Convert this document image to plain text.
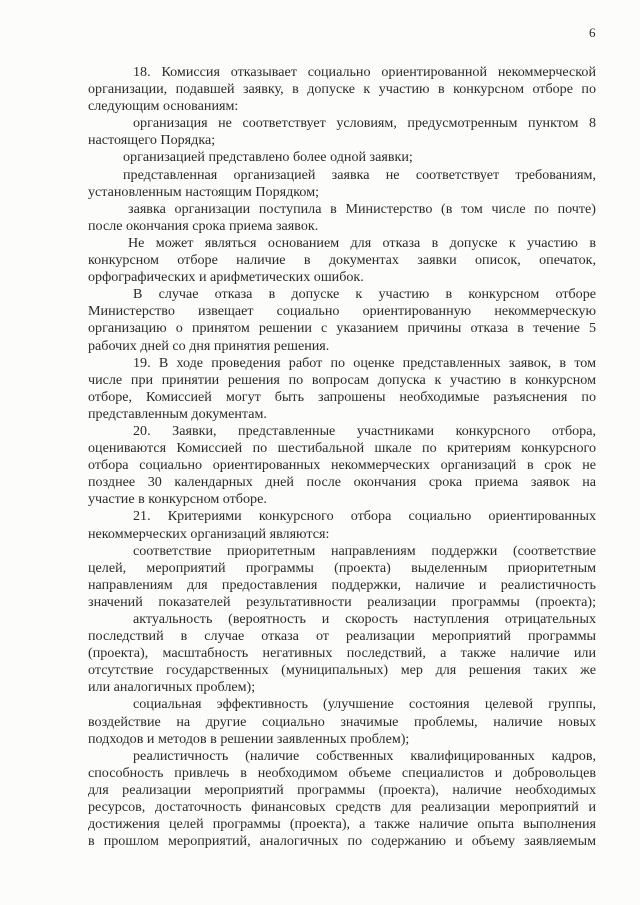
6
18. Комиссия отказывает социально ориентированной некоммерческой
организации, подавшей заявку, в допуске к участию в конкурсном отборе по
следующим основаниям:
организация не соответствует условиям, предусмотренным пунктом 8
настоящего Порядка;
организацией представлено более одной заявки;
представленная организацией заявка не соответствует требованиям,
установленным настоящим Порядком;
заявка организации поступила в Министерство (в том числе по почте)
после окончания срока приема заявок.
Не может являться основанием для отказа в допуске к участию в
конкурсном отборе наличие в документах заявки описок, опечаток,
орфографических и арифметических ошибок.
В случае отказа в допуске к участию в конкурсном отборе
Министерство извещает социально ориентированную некоммерческую
организацию о принятом решении с указанием причины отказа в течение 5
рабочих дней со дня принятия решения.
19. В ходе проведения работ по оценке представленных заявок, в том
числе при принятии решения по вопросам допуска к участию в конкурсном
отборе, Комиссией могут быть запрошены необходимые разъяснения по
представленным документам.
20. Заявки, представленные участниками конкурсного отбора,
оцениваются Комиссией по шестибальной шкале по критериям конкурсного
отбора социально ориентированных некоммерческих организаций в срок не
позднее 30 календарных дней после окончания срока приема заявок на
участие в конкурсном отборе.
21. Критериями конкурсного отбора социально ориентированных
некоммерческих организаций являются:
соответствие приоритетным направлениям поддержки (соответствие
целей, мероприятий программы (проекта) выделенным приоритетным
направлениям для предоставления поддержки, наличие и реалистичность
значений показателей результативности реализации программы (проекта);
актуальность (вероятность и скорость наступления отрицательных
последствий в случае отказа от реализации мероприятий программы
(проекта), масштабность негативных последствий, а также наличие или
отсутствие государственных (муниципальных) мер для решения таких же
или аналогичных проблем);
социальная эффективность (улучшение состояния целевой группы,
воздействие на другие социально значимые проблемы, наличие новых
подходов и методов в решении заявленных проблем);
реалистичность (наличие собственных квалифицированных кадров,
способность привлечь в необходимом объеме специалистов и добровольцев
для реализации мероприятий программы (проекта), наличие необходимых
ресурсов, достаточность финансовых средств для реализации мероприятий и
достижения целей программы (проекта), а также наличие опыта выполнения
в прошлом мероприятий, аналогичных по содержанию и объему заявляемым
